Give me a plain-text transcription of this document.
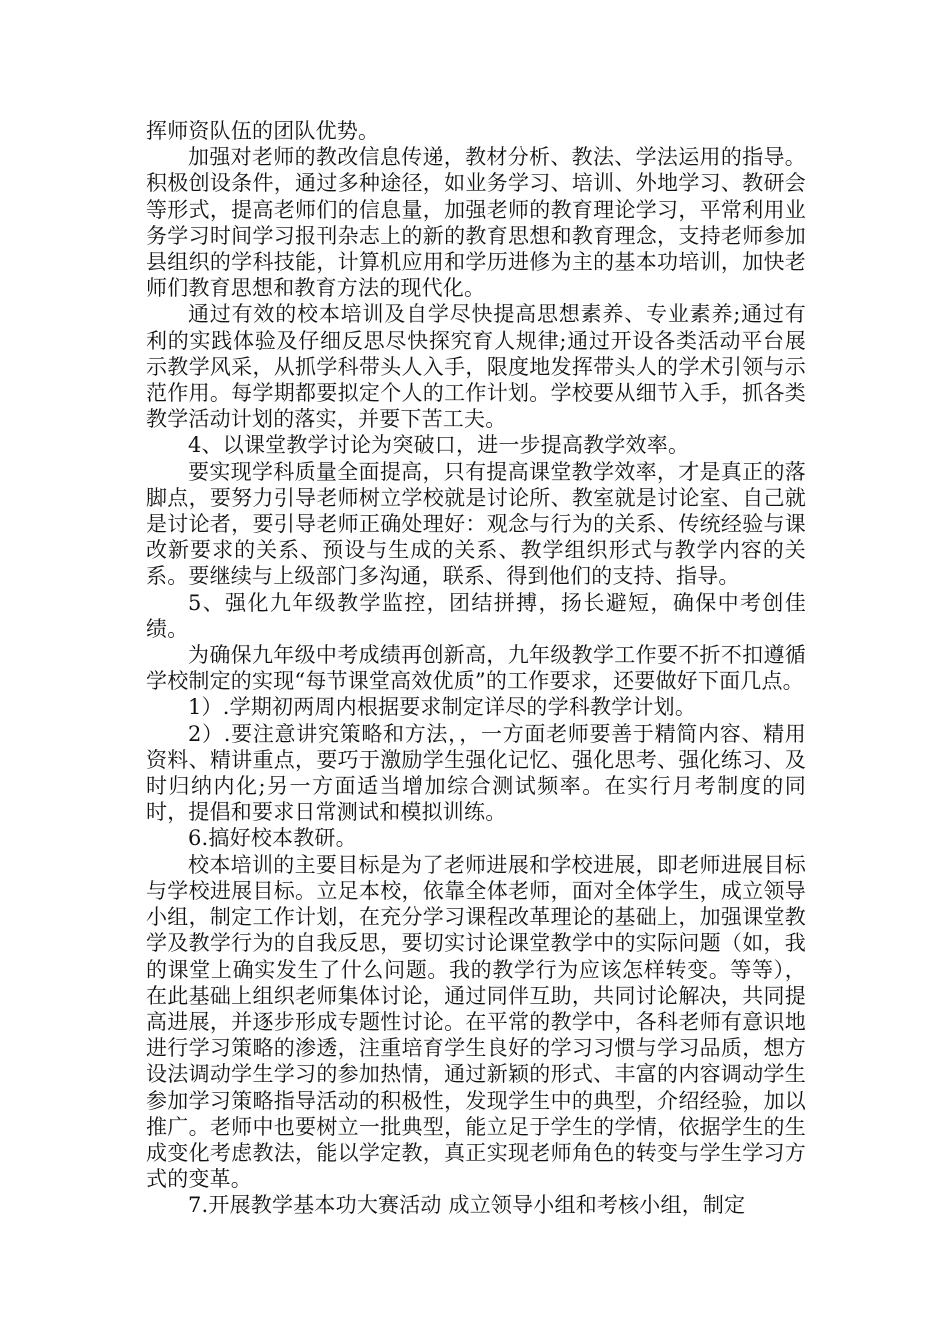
挥师资队伍的团队优势。

加强对老师的教改信息传递，教材分析、教法、学法运用的指导。积极创设条件，通过多种途径，如业务学习、培训、外地学习、教研会等形式，提高老师们的信息量，加强老师的教育理论学习，平常利用业务学习时间学习报刊杂志上的新的教育思想和教育理念，支持老师参加县组织的学科技能，计算机应用和学历进修为主的基本功培训，加快老师们教育思想和教育方法的现代化。

通过有效的校本培训及自学尽快提高思想素养、专业素养;通过有利的实践体验及仔细反思尽快探究育人规律;通过开设各类活动平台展示教学风采，从抓学科带头人入手，限度地发挥带头人的学术引领与示范作用。每学期都要拟定个人的工作计划。学校要从细节入手，抓各类教学活动计划的落实，并要下苦工夫。

4、以课堂教学讨论为突破口，进一步提高教学效率。

要实现学科质量全面提高，只有提高课堂教学效率，才是真正的落脚点，要努力引导老师树立学校就是讨论所、教室就是讨论室、自己就是讨论者，要引导老师正确处理好：观念与行为的关系、传统经验与课改新要求的关系、预设与生成的关系、教学组织形式与教学内容的关系。要继续与上级部门多沟通，联系、得到他们的支持、指导。

5、强化九年级教学监控，团结拼搏，扬长避短，确保中考创佳绩。

为确保九年级中考成绩再创新高，九年级教学工作要不折不扣遵循学校制定的实现“每节课堂高效优质”的工作要求，还要做好下面几点。

1）.学期初两周内根据要求制定详尽的学科教学计划。

2）.要注意讲究策略和方法，，一方面老师要善于精简内容、精用资料、精讲重点，要巧于激励学生强化记忆、强化思考、强化练习、及时归纳内化;另一方面适当增加综合测试频率。在实行月考制度的同时，提倡和要求日常测试和模拟训练。

6.搞好校本教研。

校本培训的主要目标是为了老师进展和学校进展，即老师进展目标与学校进展目标。立足本校，依靠全体老师，面对全体学生，成立领导小组，制定工作计划，在充分学习课程改革理论的基础上，加强课堂教学及教学行为的自我反思，要切实讨论课堂教学中的实际问题（如，我的课堂上确实发生了什么问题。我的教学行为应该怎样转变。等等），在此基础上组织老师集体讨论，通过同伴互助，共同讨论解决，共同提高进展，并逐步形成专题性讨论。在平常的教学中，各科老师有意识地进行学习策略的渗透，注重培育学生良好的学习习惯与学习品质，想方设法调动学生学习的参加热情，通过新颖的形式、丰富的内容调动学生参加学习策略指导活动的积极性，发现学生中的典型，介绍经验，加以推广。老师中也要树立一批典型，能立足于学生的学情，依据学生的生成变化考虑教法，能以学定教，真正实现老师角色的转变与学生学习方式的变革。

7.开展教学基本功大赛活动 成立领导小组和考核小组，制定
